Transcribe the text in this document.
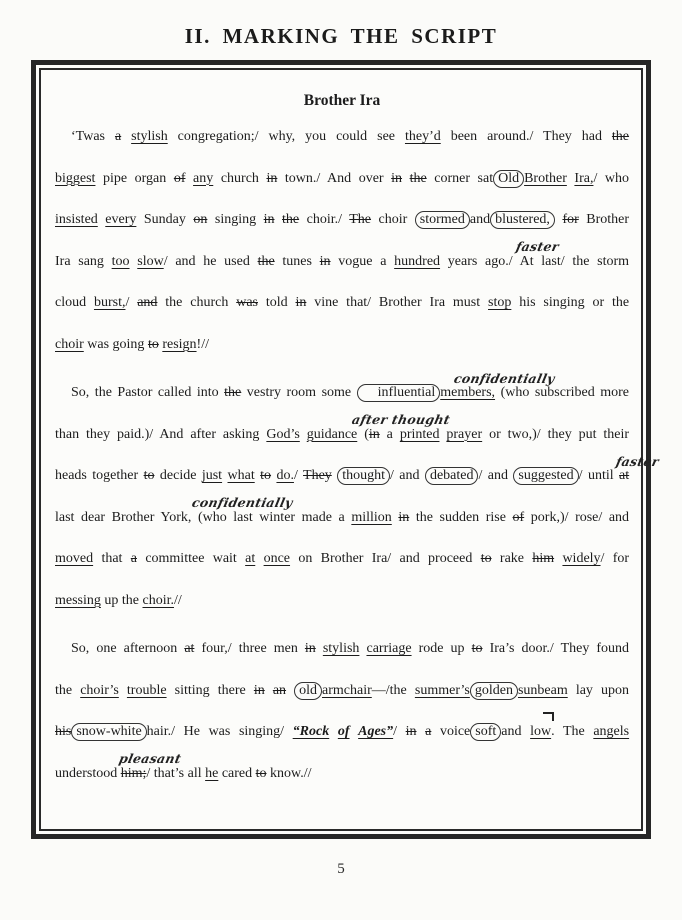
II. MARKING THE SCRIPT
Brother Ira
‘Twas a stylish congregation;/ why, you could see they’d been around./ They had the
biggest pipe organ of any church in town./ And over in the corner sat Old Brother Ira,/ who
insisted every Sunday on singing in the choir./ The choir stormed and blustered, for Brother
Ira sang too slow/ and he used the tunes in vogue a hundred years ago./ At
faster
last/ the storm
cloud burst,/ and the church was told in vine that/ Brother Ira must stop his singing or the
choir was going to resign!//
So, the Pastor called into the vestry room some influential members,
confidentially
(who subscribed more
than they paid.)/ And after asking God’s guidance (
after thought
in a printed prayer or two,)/ they put their
heads together to decide just what to do./ They thought / and debated / and suggested / until
faster
at
last dear Brother York, (who
confidentially
last winter made a million in the sudden rise of pork,)/ rose/ and
moved that a committee wait at once on Brother Ira/ and proceed to rake him widely/ for
messing up the choir.//
So, one afternoon at four,/ three men in stylish carriage rode up to Ira’s door./ They found
the choir’s trouble sitting there in an old armchair—/the summer’s golden sunbeam lay upon
his snow-white hair./ He was singing/ “Rock of Ages”/ in a voice soft and low
. The angels
understood him;
pleasant
/ that’s all he cared to know.//
5
